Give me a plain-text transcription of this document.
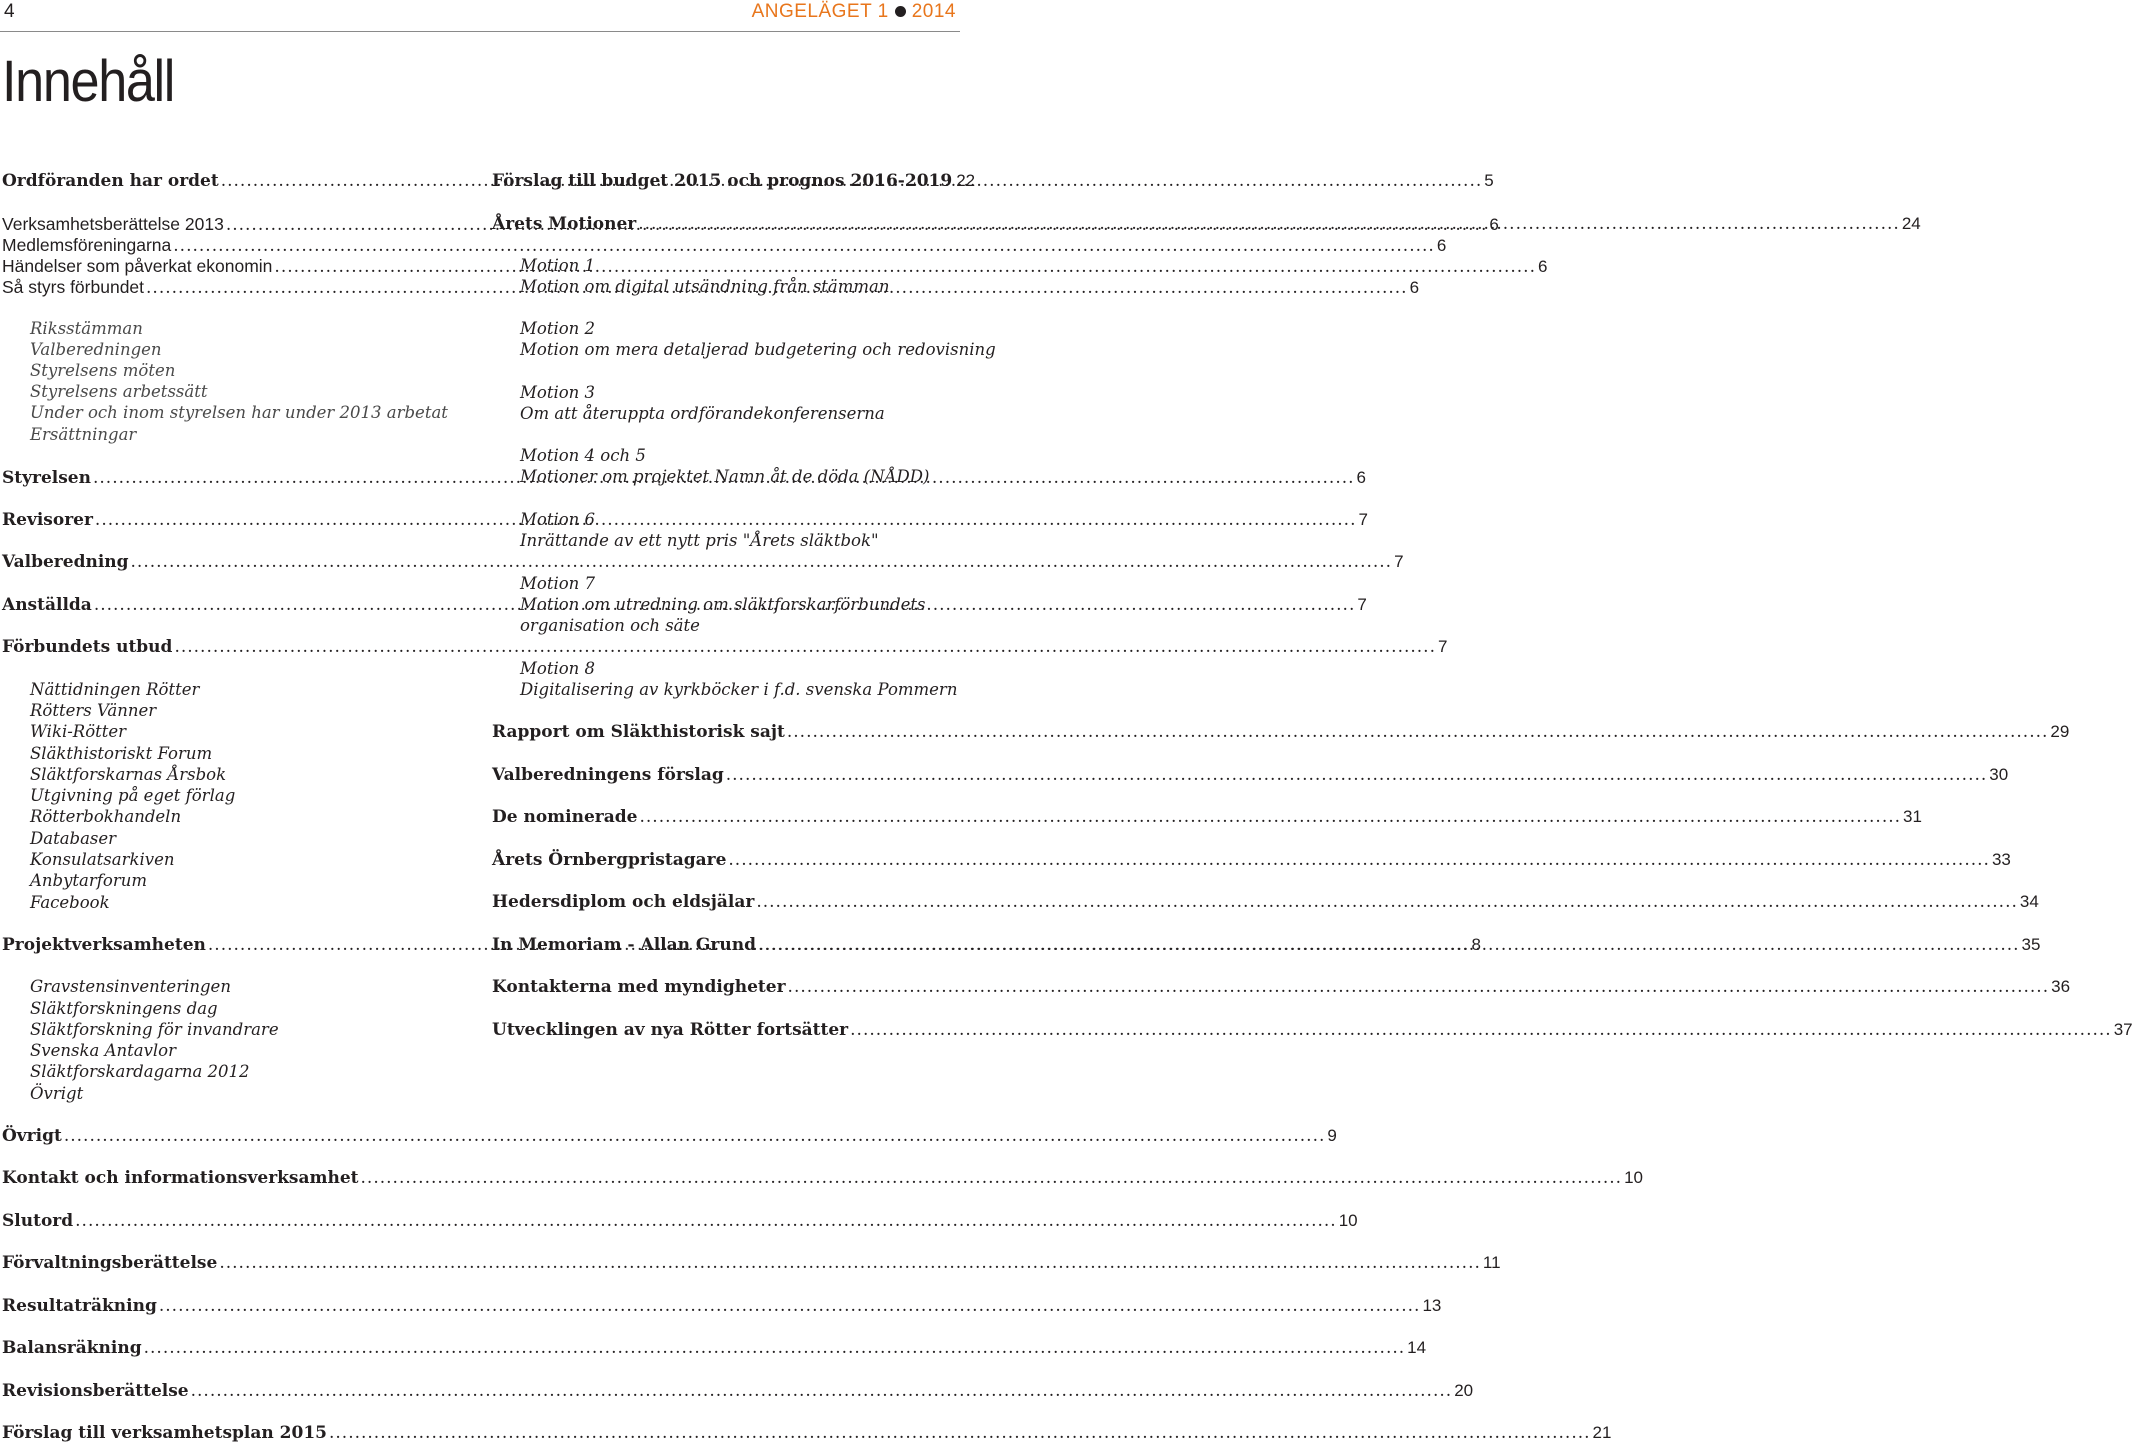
4	ANGELÄGET 1 2014
Innehåll
Ordföranden har ordet .....	5
Verksamhetsberättelse 2013 .....	6
Medlemsföreningarna .....	6
Händelser som påverkat ekonomin .....	6
Så styrs förbundet .....	6
Riksstämman
Valberedningen
Styrelsens möten
Styrelsens arbetssätt
Under och inom styrelsen har under 2013 arbetat
Ersättningar
Styrelsen .....	6
Revisorer .....	7
Valberedning .....	7
Anställda .....	7
Förbundets utbud .....	7
Nättidningen Rötter
Rötters Vänner
Wiki-Rötter
Släkthistoriskt Forum
Släktforskarnas Årsbok
Utgivning på eget förlag
Rötterbokhandeln
Databaser
Konsulatsarkiven
Anbytarforum
Facebook
Projektverksamheten .....	8
Gravstensinventeringen
Släktforskningens dag
Släktforskning för invandrare
Svenska Antavlor
Släktforskardagarna 2012
Övrigt
Övrigt .....	9
Kontakt och informationsverksamhet .....	10
Slutord .....	10
Förvaltningsberättelse .....	11
Resultaträkning .....	13
Balansräkning .....	14
Revisionsberättelse .....	20
Förslag till verksamhetsplan 2015 .....	21
Förslag till budget 2015 och prognos 2016-2019 22
Årets Motioner .....	24
Motion 1
Motion om digital utsändning från stämman
Motion 2
Motion om mera detaljerad budgetering och redovisning
Motion 3
Om att återuppta ordförandekonferenserna
Motion 4 och 5
Motioner om projektet Namn åt de döda (NÅDD)
Motion 6
Inrättande av ett nytt pris "Årets släktbok"
Motion 7
Motion om utredning om släktforskarförbundets
organisation och säte
Motion 8
Digitalisering av kyrkböcker i f.d. svenska Pommern
Rapport om Släkthistorisk sajt .....	29
Valberedningens förslag .....	30
De nominerade .....	31
Årets Örnbergpristagare .....	33
Hedersdiplom och eldsjälar .....	34
In Memoriam - Allan Grund .....	35
Kontakterna med myndigheter .....	36
Utvecklingen av nya Rötter fortsätter .....	37
